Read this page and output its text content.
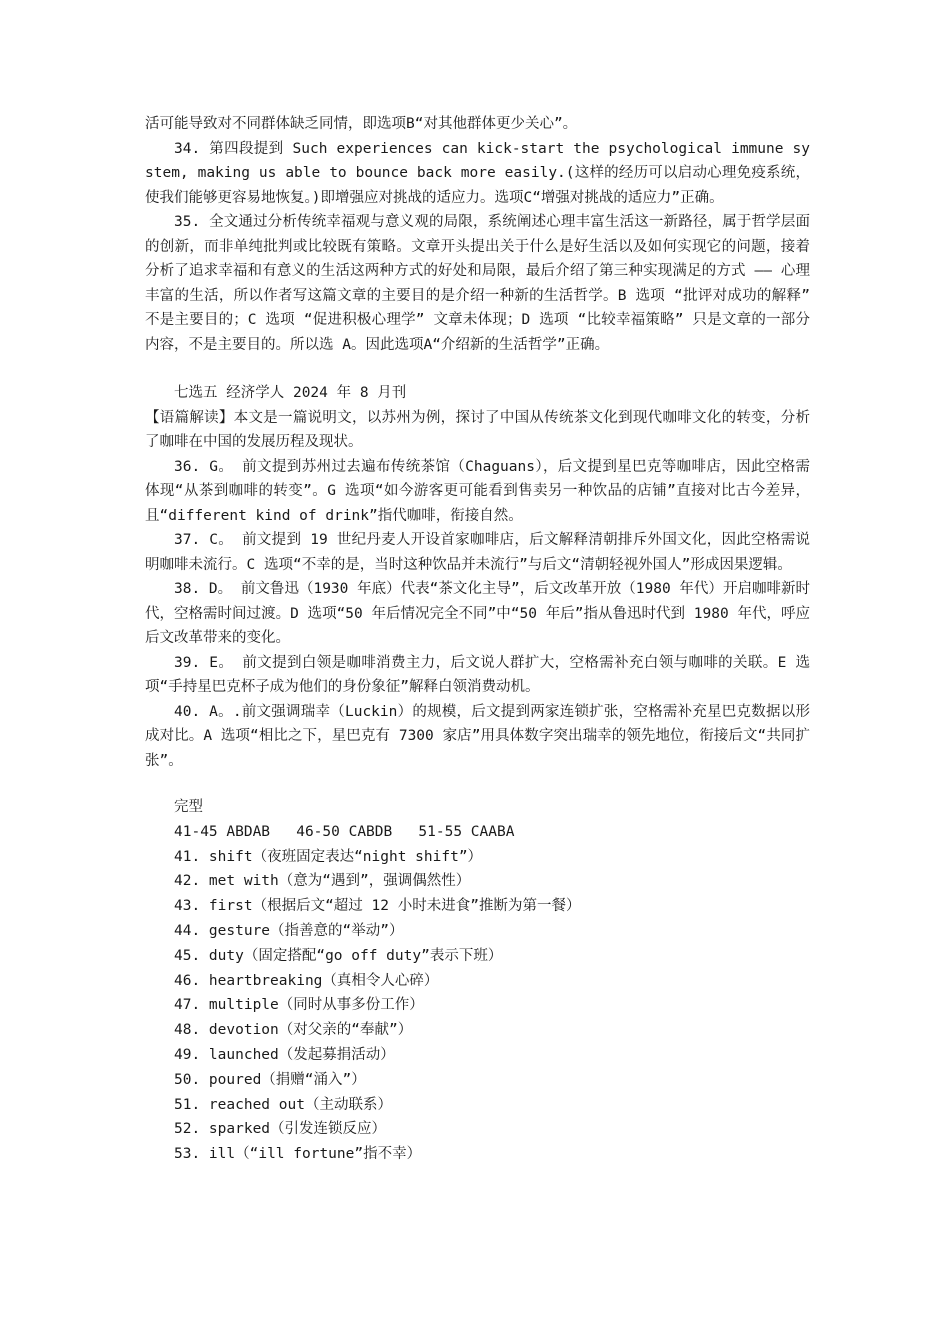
活可能导致对不同群体缺乏同情，即选项B“对其他群体更少关心”。

34. 第四段提到 Such experiences can kick-start the psychological immune system, making us able to bounce back more easily.(这样的经历可以启动心理免疫系统，使我们能够更容易地恢复。)即增强应对挑战的适应力。选项C“增强对挑战的适应力”正确。

35. 全文通过分析传统幸福观与意义观的局限，系统阐述心理丰富生活这一新路径，属于哲学层面的创新，而非单纯批判或比较既有策略。文章开头提出关于什么是好生活以及如何实现它的问题，接着分析了追求幸福和有意义的生活这两种方式的好处和局限，最后介绍了第三种实现满足的方式 —— 心理丰富的生活，所以作者写这篇文章的主要目的是介绍一种新的生活哲学。B 选项 “批评对成功的解释” 不是主要目的；C 选项 “促进积极心理学” 文章未体现；D 选项 “比较幸福策略” 只是文章的一部分内容，不是主要目的。所以选 A。因此选项A“介绍新的生活哲学”正确。

七选五 经济学人 2024 年 8 月刊

【语篇解读】本文是一篇说明文，以苏州为例，探讨了中国从传统茶文化到现代咖啡文化的转变，分析了咖啡在中国的发展历程及现状。

36. G。 前文提到苏州过去遍布传统茶馆（Chaguans），后文提到星巴克等咖啡店，因此空格需体现“从茶到咖啡的转变”。G 选项“如今游客更可能看到售卖另一种饮品的店铺”直接对比古今差异，且“different kind of drink”指代咖啡，衔接自然。

37. C。 前文提到 19 世纪丹麦人开设首家咖啡店，后文解释清朝排斥外国文化，因此空格需说明咖啡未流行。C 选项“不幸的是，当时这种饮品并未流行”与后文“清朝轻视外国人”形成因果逻辑。

38. D。 前文鲁迅（1930 年底）代表“茶文化主导”，后文改革开放（1980 年代）开启咖啡新时代，空格需时间过渡。D 选项“50 年后情况完全不同”中“50 年后”指从鲁迅时代到 1980 年代，呼应后文改革带来的变化。

39. E。 前文提到白领是咖啡消费主力，后文说人群扩大，空格需补充白领与咖啡的关联。E 选项“手持星巴克杯子成为他们的身份象征”解释白领消费动机。

40. A。.前文强调瑞幸（Luckin）的规模，后文提到两家连锁扩张，空格需补充星巴克数据以形成对比。A 选项“相比之下，星巴克有 7300 家店”用具体数字突出瑞幸的领先地位，衔接后文“共同扩张”。

完型

41-45 ABDAB   46-50 CABDB   51-55 CAABA

41. shift（夜班固定表达“night shift”）

42. met with（意为“遇到”，强调偶然性）

43. first（根据后文“超过 12 小时未进食”推断为第一餐）

44. gesture（指善意的“举动”）

45. duty（固定搭配“go off duty”表示下班）

46. heartbreaking（真相令人心碎）

47. multiple（同时从事多份工作）

48. devotion（对父亲的“奉献”）

49. launched（发起募捐活动）

50. poured（捐赠“涌入”）

51. reached out（主动联系）

52. sparked（引发连锁反应）

53. ill（“ill fortune”指不幸）
